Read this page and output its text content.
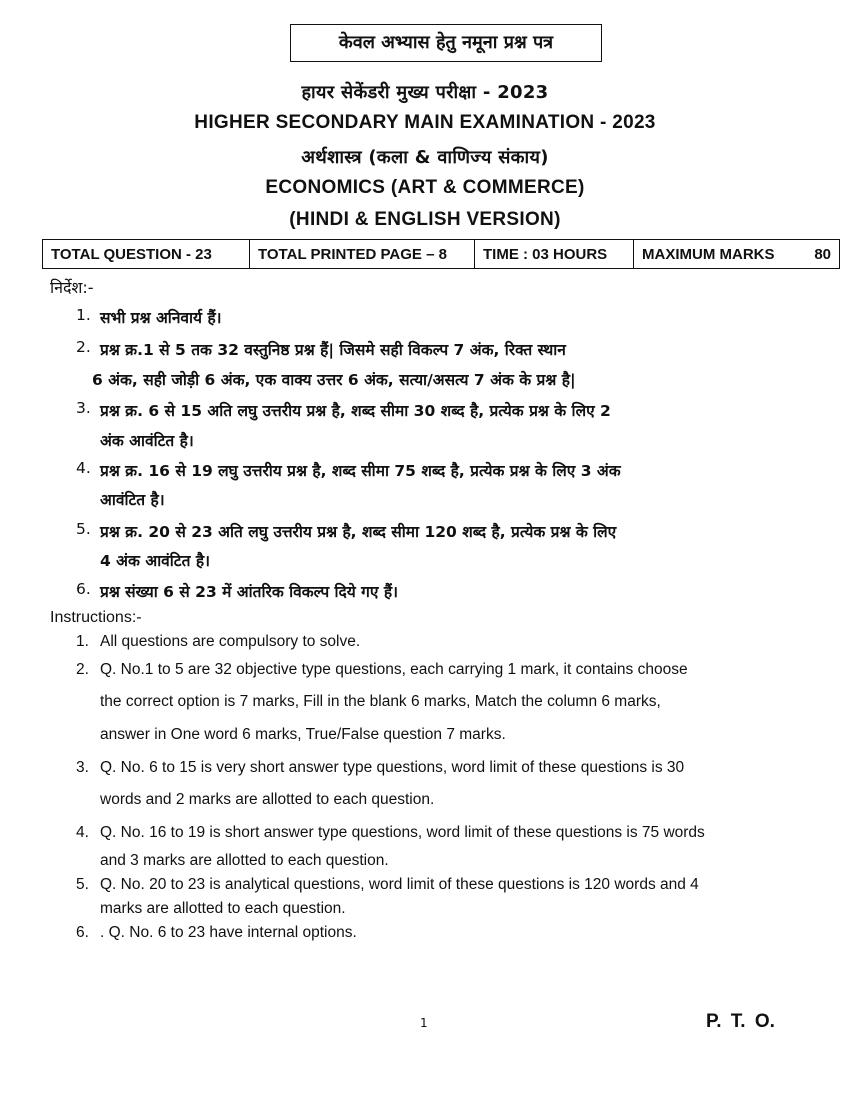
केवल अभ्यास हेतु नमूना प्रश्न पत्र
हायर सेकेंडरी मुख्य परीक्षा - 2023
HIGHER SECONDARY MAIN EXAMINATION - 2023
अर्थशास्त्र (कला & वाणिज्य संकाय)
ECONOMICS (ART & COMMERCE)
(HINDI & ENGLISH VERSION)
TOTAL QUESTION - 23	TOTAL PRINTED PAGE – 8	TIME : 03 HOURS	MAXIMUM MARKS	80
निर्देश:-
1. सभी प्रश्न अनिवार्य हैं।
2. प्रश्न क्र.1 से 5 तक 32 वस्तुनिष्ठ प्रश्न हैं| जिसमे सही विकल्प 7 अंक, रिक्त स्थान
6 अंक, सही जोड़ी 6 अंक, एक वाक्य उत्तर 6 अंक, सत्या/असत्य 7 अंक के प्रश्न है|
3. प्रश्न क्र. 6 से 15 अति लघु उत्तरीय प्रश्न है, शब्द सीमा 30 शब्द है, प्रत्येक प्रश्न के लिए 2
अंक आवंटित है।
4. प्रश्न क्र. 16 से 19 लघु उत्तरीय प्रश्न है, शब्द सीमा 75 शब्द है, प्रत्येक प्रश्न के लिए 3 अंक
आवंटित है।
5. प्रश्न क्र. 20 से 23 अति लघु उत्तरीय प्रश्न है, शब्द सीमा 120 शब्द है, प्रत्येक प्रश्न के लिए
4 अंक आवंटित है।
6. प्रश्न संख्या 6 से 23 में आंतरिक विकल्प दिये गए हैं।
Instructions:-
1. All questions are compulsory to solve.
2. Q. No.1 to 5 are 32 objective type questions, each carrying 1 mark, it contains choose
the correct option is 7 marks, Fill in the blank 6 marks, Match the column 6 marks,
answer in One word 6 marks, True/False question 7 marks.
3. Q. No. 6 to 15 is very short answer type questions, word limit of these questions is 30
words and 2 marks are allotted to each question.
4. Q. No. 16 to 19 is short answer type questions, word limit of these questions is 75 words
and 3 marks are allotted to each question.
5. Q. No. 20 to 23 is analytical questions, word limit of these questions is 120 words and 4
marks are allotted to each question.
6. . Q. No. 6 to 23 have internal options.
1	P. T. O.
